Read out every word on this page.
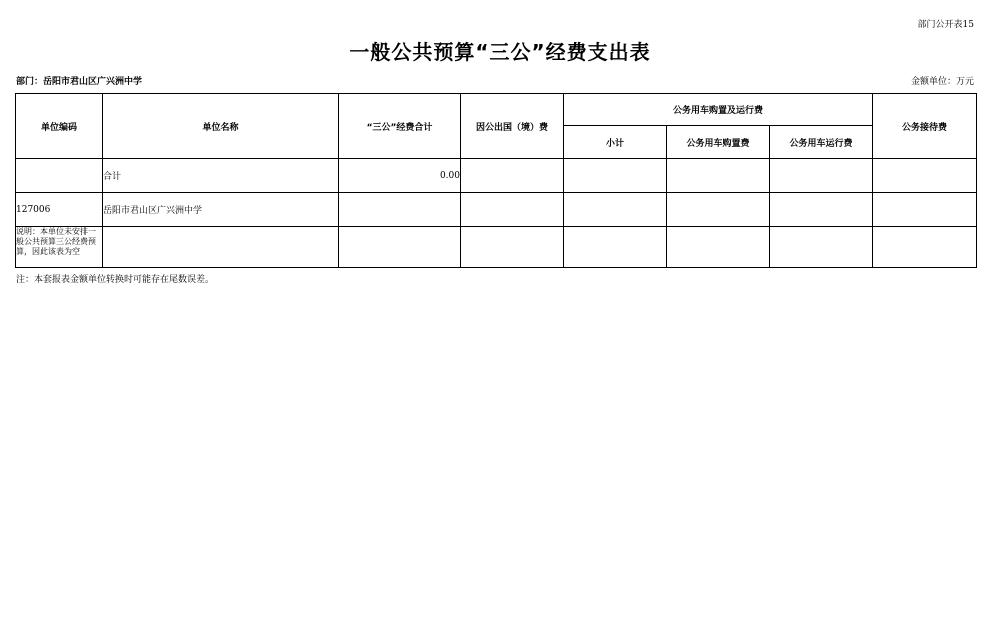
部门公开表15
一般公共预算“三公”经费支出表
部门：岳阳市君山区广兴洲中学	金额单位：万元
单位编码	单位名称	“三公”经费合计	因公出国（境）费	公务用车购置及运行费			公务接待费
				小计	公务用车购置费	公务用车运行费	
	合计	0.00					
127006	岳阳市君山区广兴洲中学						
说明：本单位未安排一般公共预算三公经费预算，因此该表为空							
注：本套报表金额单位转换时可能存在尾数误差。
